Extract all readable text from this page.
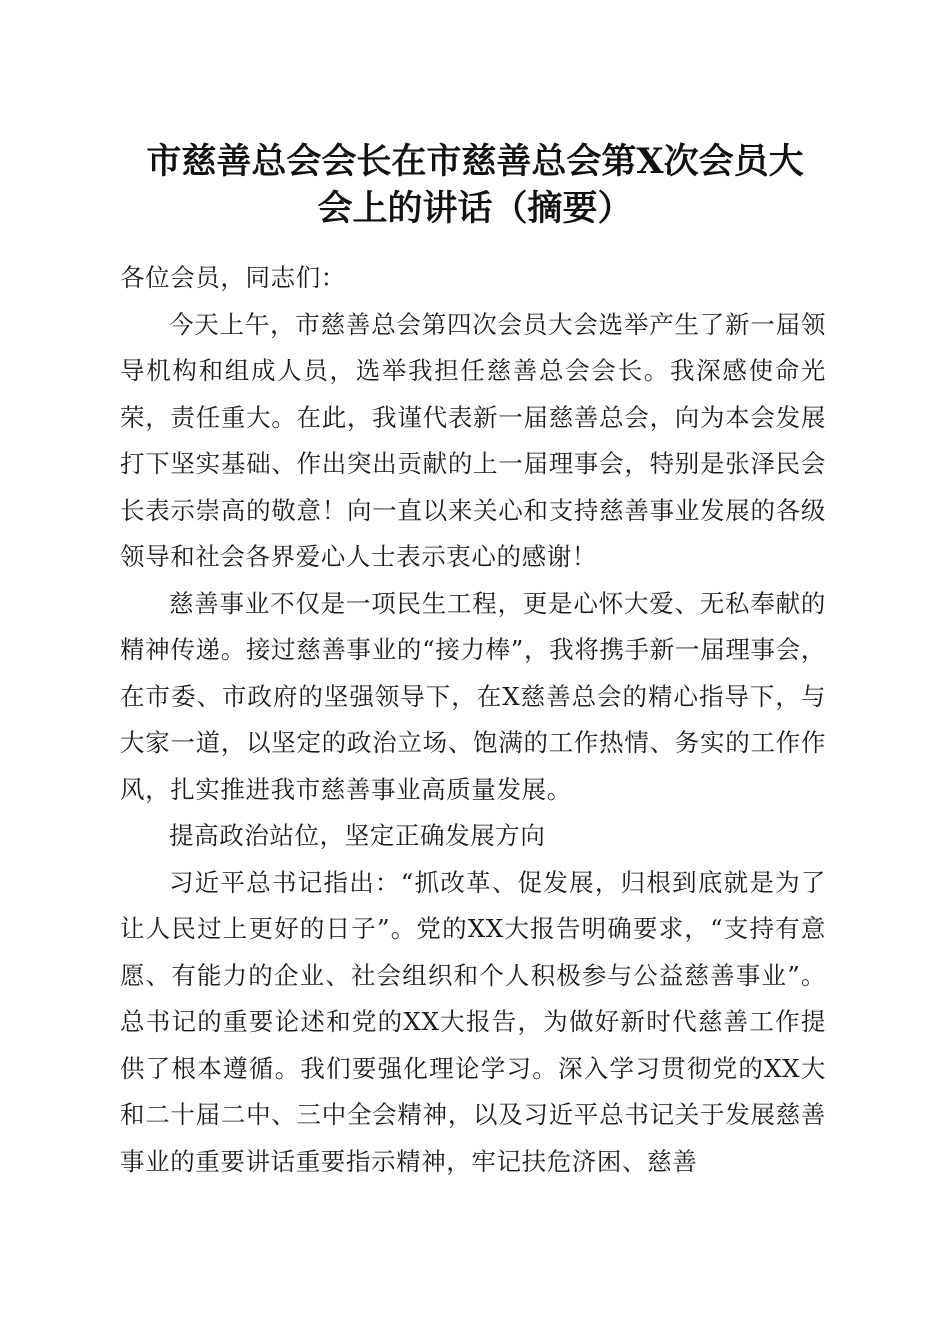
市慈善总会会长在市慈善总会第X次会员大
会上的讲话（摘要）

各位会员，同志们：

今天上午，市慈善总会第四次会员大会选举产生了新一届领导机构和组成人员，选举我担任慈善总会会长。我深感使命光荣，责任重大。在此，我谨代表新一届慈善总会，向为本会发展打下坚实基础、作出突出贡献的上一届理事会，特别是张泽民会长表示崇高的敬意！向一直以来关心和支持慈善事业发展的各级领导和社会各界爱心人士表示衷心的感谢！

慈善事业不仅是一项民生工程，更是心怀大爱、无私奉献的精神传递。接过慈善事业的“接力棒”，我将携手新一届理事会，在市委、市政府的坚强领导下，在X慈善总会的精心指导下，与大家一道，以坚定的政治立场、饱满的工作热情、务实的工作作风，扎实推进我市慈善事业高质量发展。

提高政治站位，坚定正确发展方向

习近平总书记指出：“抓改革、促发展，归根到底就是为了让人民过上更好的日子”。党的XX大报告明确要求，“支持有意愿、有能力的企业、社会组织和个人积极参与公益慈善事业”。总书记的重要论述和党的XX大报告，为做好新时代慈善工作提供了根本遵循。我们要强化理论学习。深入学习贯彻党的XX大和二十届二中、三中全会精神，以及习近平总书记关于发展慈善事业的重要讲话重要指示精神，牢记扶危济困、慈善
